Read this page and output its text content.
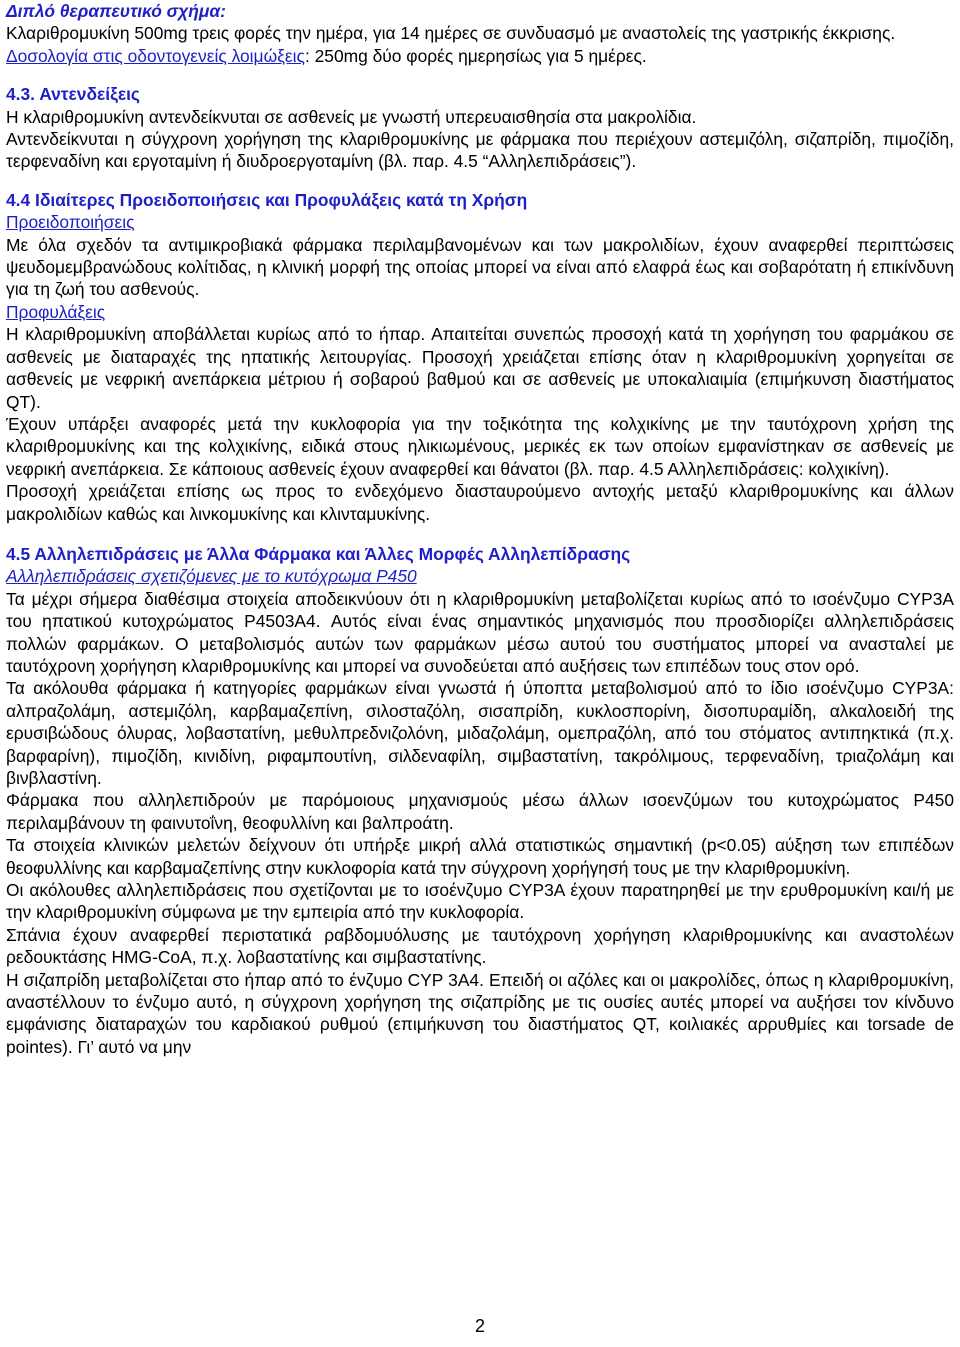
Διπλό θεραπευτικό σχήμα:

Κλαριθρομυκίνη 500mg τρεις φορές την ημέρα, για 14 ημέρες σε συνδυασμό με αναστολείς της γαστρικής έκκρισης.

Δοσολογία στις οδοντογενείς λοιμώξεις: 250mg δύο φορές ημερησίως για 5 ημέρες.

4.3. Αντενδείξεις

Η κλαριθρομυκίνη αντενδείκνυται σε ασθενείς με γνωστή υπερευαισθησία στα μακρολίδια.

Αντενδείκνυται η σύγχρονη χορήγηση της κλαριθρομυκίνης με φάρμακα που περιέχουν αστεμιζόλη, σιζαπρίδη, πιμοζίδη, τερφεναδίνη και εργοταμίνη ή διυδροεργοταμίνη (βλ. παρ. 4.5 “Αλληλεπιδράσεις”).

4.4 Ιδιαίτερες Προειδοποιήσεις και Προφυλάξεις κατά τη Χρήση

Προειδοποιήσεις

Με όλα σχεδόν τα αντιμικροβιακά φάρμακα περιλαμβανομένων και των μακρολιδίων, έχουν αναφερθεί περιπτώσεις ψευδομεμβρανώδους κολίτιδας, η κλινική μορφή της οποίας μπορεί να είναι από ελαφρά έως και σοβαρότατη ή επικίνδυνη για τη ζωή του ασθενούς.

Προφυλάξεις

Η κλαριθρομυκίνη αποβάλλεται κυρίως από το ήπαρ. Απαιτείται συνεπώς προσοχή κατά τη χορήγηση του φαρμάκου σε ασθενείς με διαταραχές της ηπατικής λειτουργίας. Προσοχή χρειάζεται επίσης όταν η κλαριθρομυκίνη χορηγείται σε ασθενείς με νεφρική ανεπάρκεια μέτριου ή σοβαρού βαθμού και σε ασθενείς με υποκαλιαιμία (επιμήκυνση διαστήματος QT).

Έχουν υπάρξει αναφορές μετά την κυκλοφορία για την τοξικότητα της κολχικίνης με την ταυτόχρονη χρήση της κλαριθρομυκίνης και της κολχικίνης, ειδικά στους ηλικιωμένους, μερικές εκ των οποίων εμφανίστηκαν σε ασθενείς με νεφρική ανεπάρκεια. Σε κάποιους ασθενείς έχουν αναφερθεί και θάνατοι (βλ. παρ. 4.5 Αλληλεπιδράσεις: κολχικίνη).

Προσοχή χρειάζεται επίσης ως προς το ενδεχόμενο διασταυρούμενο αντοχής μεταξύ κλαριθρομυκίνης και άλλων μακρολιδίων καθώς και λινκομυκίνης και κλινταμυκίνης.

4.5 Αλληλεπιδράσεις με Άλλα Φάρμακα και Άλλες Μορφές Αλληλεπίδρασης

Αλληλεπιδράσεις σχετιζόμενες με το κυτόχρωμα P450

Τα μέχρι σήμερα διαθέσιμα στοιχεία αποδεικνύουν ότι η κλαριθρομυκίνη μεταβολίζεται κυρίως από το ισοένζυμο CYP3A του ηπατικού κυτοχρώματος P4503A4. Αυτός είναι ένας σημαντικός μηχανισμός που προσδιορίζει αλληλεπιδράσεις πολλών φαρμάκων. Ο μεταβολισμός αυτών των φαρμάκων μέσω αυτού του συστήματος μπορεί να ανασταλεί με ταυτόχρονη χορήγηση κλαριθρομυκίνης και μπορεί να συνοδεύεται από αυξήσεις των επιπέδων τους στον ορό.

Τα ακόλουθα φάρμακα ή κατηγορίες φαρμάκων είναι γνωστά ή ύποπτα μεταβολισμού από το ίδιο ισοένζυμο CYP3A: αλπραζολάμη, αστεμιζόλη, καρβαμαζεπίνη, σιλοσταζόλη, σισαπρίδη, κυκλοσπορίνη, δισοπυραμίδη, αλκαλοειδή της ερυσιβώδους όλυρας, λοβαστατίνη, μεθυλπρεδνιζολόνη, μιδαζολάμη, ομεπραζόλη, από του στόματος αντιπηκτικά (π.χ. βαρφαρίνη), πιμοζίδη, κινιδίνη, ριφαμπουτίνη, σιλδεναφίλη, σιμβαστατίνη, τακρόλιμους, τερφεναδίνη, τριαζολάμη και βινβλαστίνη.

Φάρμακα που αλληλεπιδρούν με παρόμοιους μηχανισμούς μέσω άλλων ισοενζύμων του κυτοχρώματος P450 περιλαμβάνουν τη φαινυτοΐνη, θεοφυλλίνη και βαλπροάτη.

Τα στοιχεία κλινικών μελετών δείχνουν ότι υπήρξε μικρή αλλά στατιστικώς σημαντική (p<0.05) αύξηση των επιπέδων θεοφυλλίνης και καρβαμαζεπίνης στην κυκλοφορία κατά την σύγχρονη χορήγησή τους με την κλαριθρομυκίνη.

Οι ακόλουθες αλληλεπιδράσεις που σχετίζονται με το ισοένζυμο CYP3A έχουν παρατηρηθεί με την ερυθρομυκίνη και/ή με την κλαριθρομυκίνη σύμφωνα με την εμπειρία από την κυκλοφορία.

Σπάνια έχουν αναφερθεί περιστατικά ραβδομυόλυσης με ταυτόχρονη χορήγηση κλαριθρομυκίνης και αναστολέων ρεδουκτάσης HMG-CoA, π.χ. λοβαστατίνης και σιμβαστατίνης.

Η σιζαπρίδη μεταβολίζεται στο ήπαρ από το ένζυμο CYP 3A4. Επειδή οι αζόλες και οι μακρολίδες, όπως η κλαριθρομυκίνη, αναστέλλουν το ένζυμο αυτό, η σύγχρονη χορήγηση της σιζαπρίδης με τις ουσίες αυτές μπορεί να αυξήσει τον κίνδυνο εμφάνισης διαταραχών του καρδιακού ρυθμού (επιμήκυνση του διαστήματος QT, κοιλιακές αρρυθμίες και torsade de pointes). Γι’ αυτό να μην

2
